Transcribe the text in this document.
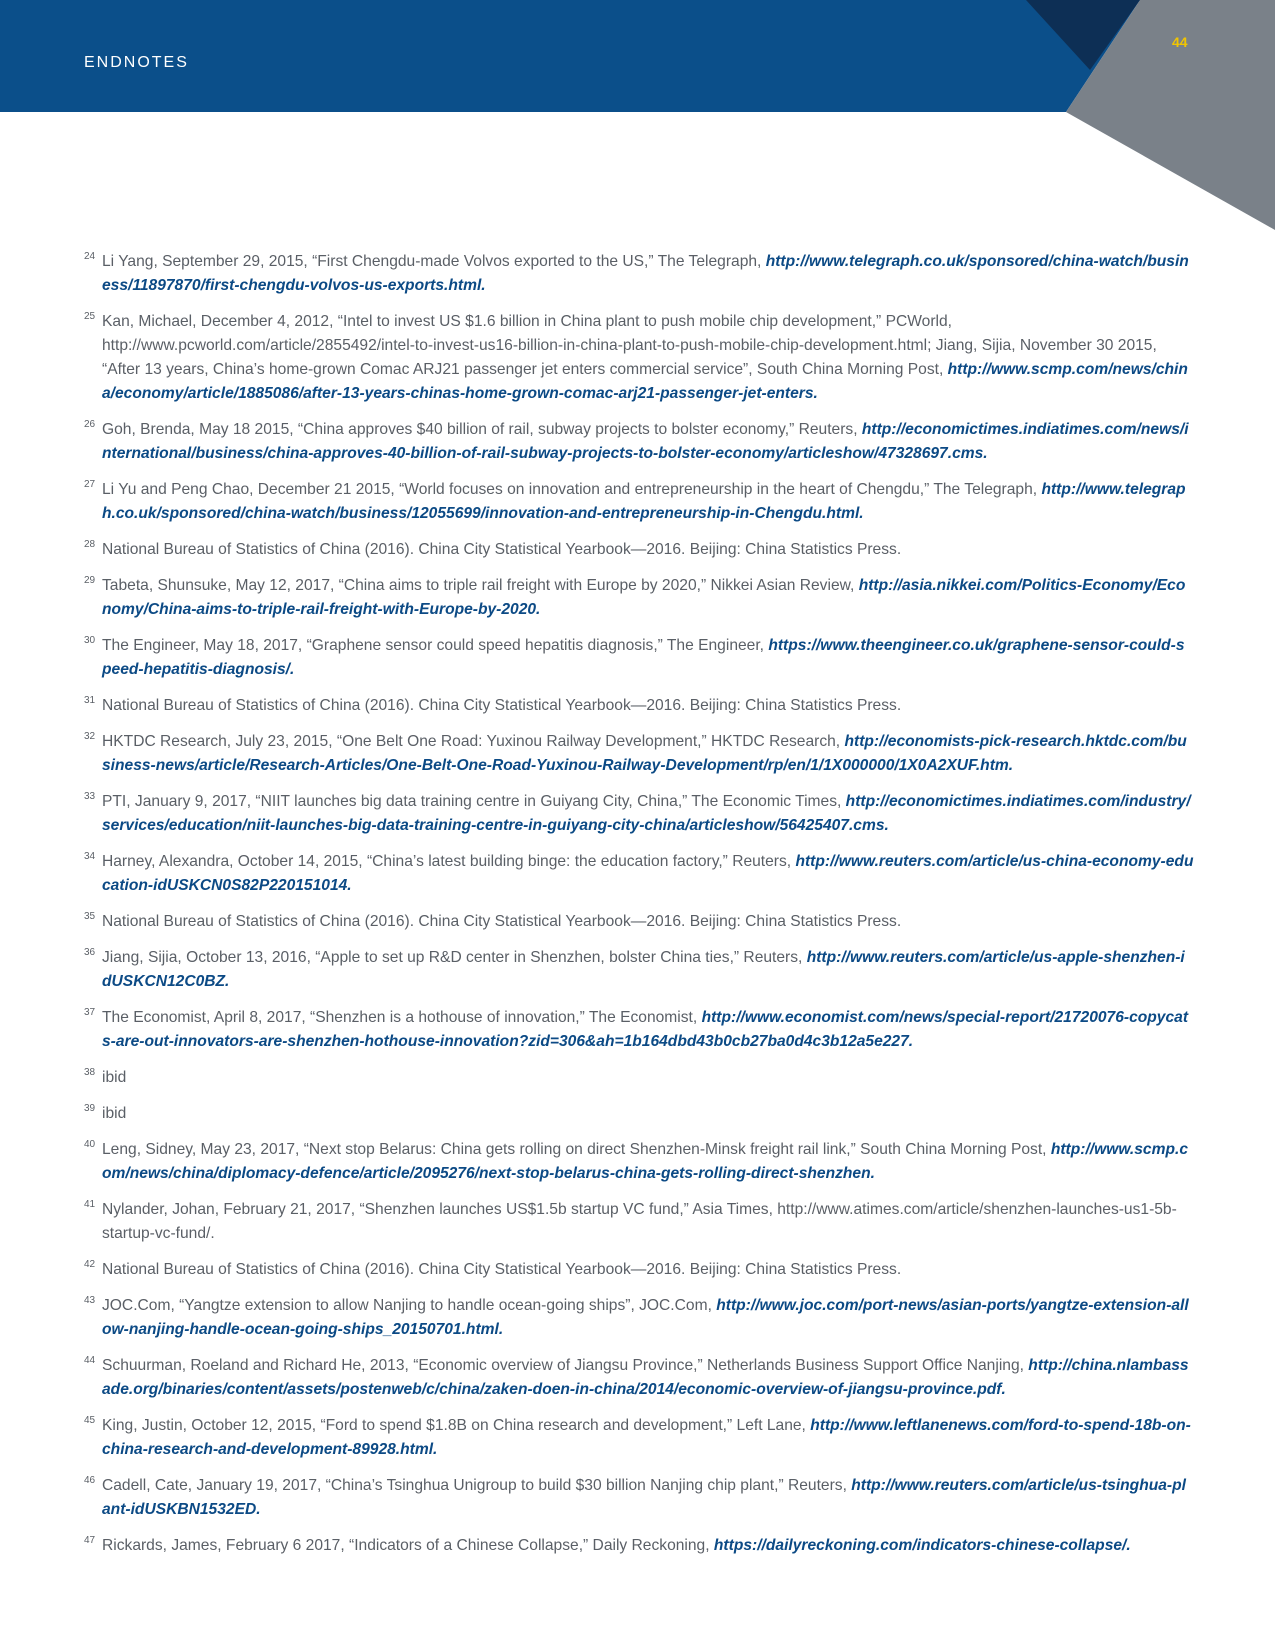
ENDNOTES
44
24 Li Yang, September 29, 2015, “First Chengdu-made Volvos exported to the US,” The Telegraph, http://www.telegraph.co.uk/sponsored/china-watch/business/11897870/first-chengdu-volvos-us-exports.html.
25 Kan, Michael, December 4, 2012, “Intel to invest US $1.6 billion in China plant to push mobile chip development,” PCWorld, http://www.pcworld.com/article/2855492/intel-to-invest-us16-billion-in-china-plant-to-push-mobile-chip-development.html; Jiang, Sijia, November 30 2015, “After 13 years, China’s home-grown Comac ARJ21 passenger jet enters commercial service”, South China Morning Post, http://www.scmp.com/news/china/economy/article/1885086/after-13-years-chinas-home-grown-comac-arj21-passenger-jet-enters.
26 Goh, Brenda, May 18 2015, “China approves $40 billion of rail, subway projects to bolster economy,” Reuters, http://economictimes.indiatimes.com/news/international/business/china-approves-40-billion-of-rail-subway-projects-to-bolster-economy/articleshow/47328697.cms.
27 Li Yu and Peng Chao, December 21 2015, “World focuses on innovation and entrepreneurship in the heart of Chengdu,” The Telegraph, http://www.telegraph.co.uk/sponsored/china-watch/business/12055699/innovation-and-entrepreneurship-in-Chengdu.html.
28 National Bureau of Statistics of China (2016). China City Statistical Yearbook—2016. Beijing: China Statistics Press.
29 Tabeta, Shunsuke, May 12, 2017, “China aims to triple rail freight with Europe by 2020,” Nikkei Asian Review, http://asia.nikkei.com/Politics-Economy/Economy/China-aims-to-triple-rail-freight-with-Europe-by-2020.
30 The Engineer, May 18, 2017, “Graphene sensor could speed hepatitis diagnosis,” The Engineer, https://www.theengineer.co.uk/graphene-sensor-could-speed-hepatitis-diagnosis/.
31 National Bureau of Statistics of China (2016). China City Statistical Yearbook—2016. Beijing: China Statistics Press.
32 HKTDC Research, July 23, 2015, “One Belt One Road: Yuxinou Railway Development,” HKTDC Research, http://economists-pick-research.hktdc.com/business-news/article/Research-Articles/One-Belt-One-Road-Yuxinou-Railway-Development/rp/en/1/1X000000/1X0A2XUF.htm.
33 PTI, January 9, 2017, “NIIT launches big data training centre in Guiyang City, China,” The Economic Times, http://economictimes.indiatimes.com/industry/services/education/niit-launches-big-data-training-centre-in-guiyang-city-china/articleshow/56425407.cms.
34 Harney, Alexandra, October 14, 2015, “China’s latest building binge: the education factory,” Reuters, http://www.reuters.com/article/us-china-economy-education-idUSKCN0S82P220151014.
35 National Bureau of Statistics of China (2016). China City Statistical Yearbook—2016. Beijing: China Statistics Press.
36 Jiang, Sijia, October 13, 2016, “Apple to set up R&D center in Shenzhen, bolster China ties,” Reuters, http://www.reuters.com/article/us-apple-shenzhen-idUSKCN12C0BZ.
37 The Economist, April 8, 2017, “Shenzhen is a hothouse of innovation,” The Economist, http://www.economist.com/news/special-report/21720076-copycats-are-out-innovators-are-shenzhen-hothouse-innovation?zid=306&ah=1b164dbd43b0cb27ba0d4c3b12a5e227.
38 ibid
39 ibid
40 Leng, Sidney, May 23, 2017, “Next stop Belarus: China gets rolling on direct Shenzhen-Minsk freight rail link,” South China Morning Post, http://www.scmp.com/news/china/diplomacy-defence/article/2095276/next-stop-belarus-china-gets-rolling-direct-shenzhen.
41 Nylander, Johan, February 21, 2017, “Shenzhen launches US$1.5b startup VC fund,” Asia Times, http://www.atimes.com/article/shenzhen-launches-us1-5b-startup-vc-fund/.
42 National Bureau of Statistics of China (2016). China City Statistical Yearbook—2016. Beijing: China Statistics Press.
43 JOC.Com, “Yangtze extension to allow Nanjing to handle ocean-going ships”, JOC.Com, http://www.joc.com/port-news/asian-ports/yangtze-extension-allow-nanjing-handle-ocean-going-ships_20150701.html.
44 Schuurman, Roeland and Richard He, 2013, “Economic overview of Jiangsu Province,” Netherlands Business Support Office Nanjing, http://china.nlambassade.org/binaries/content/assets/postenweb/c/china/zaken-doen-in-china/2014/economic-overview-of-jiangsu-province.pdf.
45 King, Justin, October 12, 2015, “Ford to spend $1.8B on China research and development,” Left Lane, http://www.leftlanenews.com/ford-to-spend-18b-on-china-research-and-development-89928.html.
46 Cadell, Cate, January 19, 2017, “China’s Tsinghua Unigroup to build $30 billion Nanjing chip plant,” Reuters, http://www.reuters.com/article/us-tsinghua-plant-idUSKBN1532ED.
47 Rickards, James, February 6 2017, “Indicators of a Chinese Collapse,” Daily Reckoning, https://dailyreckoning.com/indicators-chinese-collapse/.
